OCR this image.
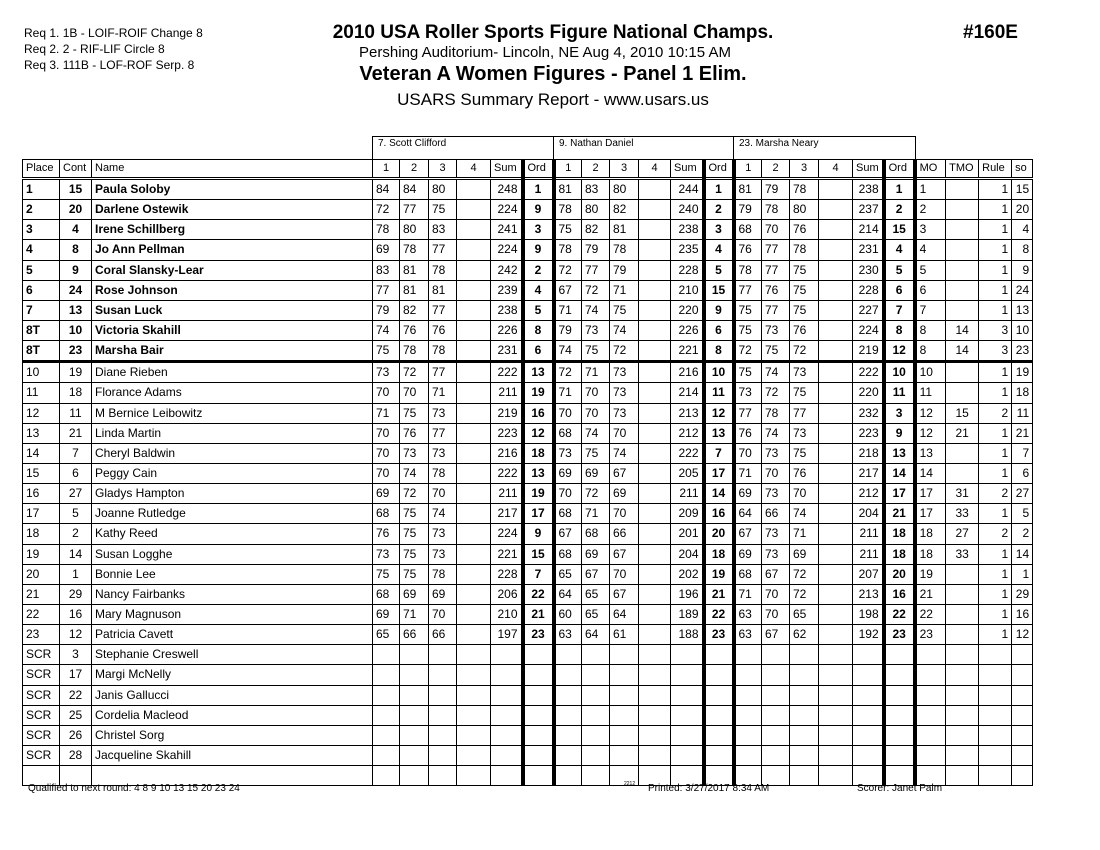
Req 1. 1B - LOIF-ROIF Change 8
Req 2. 2 - RIF-LIF Circle 8
Req 3. 111B - LOF-ROF Serp. 8
2010 USA Roller Sports Figure National Champs.
Pershing Auditorium- Lincoln, NE Aug 4, 2010 10:15 AM
Veteran A Women Figures - Panel 1 Elim.
USARS Summary Report - www.usars.us
#160E
7. Scott Clifford	9. Nathan Daniel	23. Marsha Neary
Place	Cont	Name	1	2	3	4	Sum	Ord	1	2	3	4	Sum	Ord	1	2	3	4	Sum	Ord	MO	TMO	Rule	so
1	15	Paula Soloby	84	84	80		248	1	81	83	80		244	1	81	79	78		238	1	1		1	15
2	20	Darlene Ostewik	72	77	75		224	9	78	80	82		240	2	79	78	80		237	2	2		1	20
3	4	Irene Schillberg	78	80	83		241	3	75	82	81		238	3	68	70	76		214	15	3		1	4
4	8	Jo Ann Pellman	69	78	77		224	9	78	79	78		235	4	76	77	78		231	4	4		1	8
5	9	Coral Slansky-Lear	83	81	78		242	2	72	77	79		228	5	78	77	75		230	5	5		1	9
6	24	Rose Johnson	77	81	81		239	4	67	72	71		210	15	77	76	75		228	6	6		1	24
7	13	Susan Luck	79	82	77		238	5	71	74	75		220	9	75	77	75		227	7	7		1	13
8T	10	Victoria Skahill	74	76	76		226	8	79	73	74		226	6	75	73	76		224	8	8	14	3	10
8T	23	Marsha Bair	75	78	78		231	6	74	75	72		221	8	72	75	72		219	12	8	14	3	23
10	19	Diane Rieben	73	72	77		222	13	72	71	73		216	10	75	74	73		222	10	10		1	19
11	18	Florance Adams	70	70	71		211	19	71	70	73		214	11	73	72	75		220	11	11		1	18
12	11	M Bernice Leibowitz	71	75	73		219	16	70	70	73		213	12	77	78	77		232	3	12	15	2	11
13	21	Linda Martin	70	76	77		223	12	68	74	70		212	13	76	74	73		223	9	12	21	1	21
14	7	Cheryl Baldwin	70	73	73		216	18	73	75	74		222	7	70	73	75		218	13	13		1	7
15	6	Peggy Cain	70	74	78		222	13	69	69	67		205	17	71	70	76		217	14	14		1	6
16	27	Gladys Hampton	69	72	70		211	19	70	72	69		211	14	69	73	70		212	17	17	31	2	27
17	5	Joanne Rutledge	68	75	74		217	17	68	71	70		209	16	64	66	74		204	21	17	33	1	5
18	2	Kathy Reed	76	75	73		224	9	67	68	66		201	20	67	73	71		211	18	18	27	2	2
19	14	Susan Logghe	73	75	73		221	15	68	69	67		204	18	69	73	69		211	18	18	33	1	14
20	1	Bonnie Lee	75	75	78		228	7	65	67	70		202	19	68	67	72		207	20	19		1	1
21	29	Nancy Fairbanks	68	69	69		206	22	64	65	67		196	21	71	70	72		213	16	21		1	29
22	16	Mary Magnuson	69	71	70		210	21	60	65	64		189	22	63	70	65		198	22	22		1	16
23	12	Patricia Cavett	65	66	66		197	23	63	64	61		188	23	63	67	62		192	23	23		1	12
SCR	3	Stephanie Creswell																						
SCR	17	Margi McNelly																						
SCR	22	Janis Gallucci																						
SCR	25	Cordelia Macleod																						
SCR	26	Christel Sorg																						
SCR	28	Jacqueline Skahill																						

Qualified to next round: 4 8 9 10 13 15 20 23 24	2212 Printed: 3/27/2017 8:34 AM	Scorer: Janet Palm
